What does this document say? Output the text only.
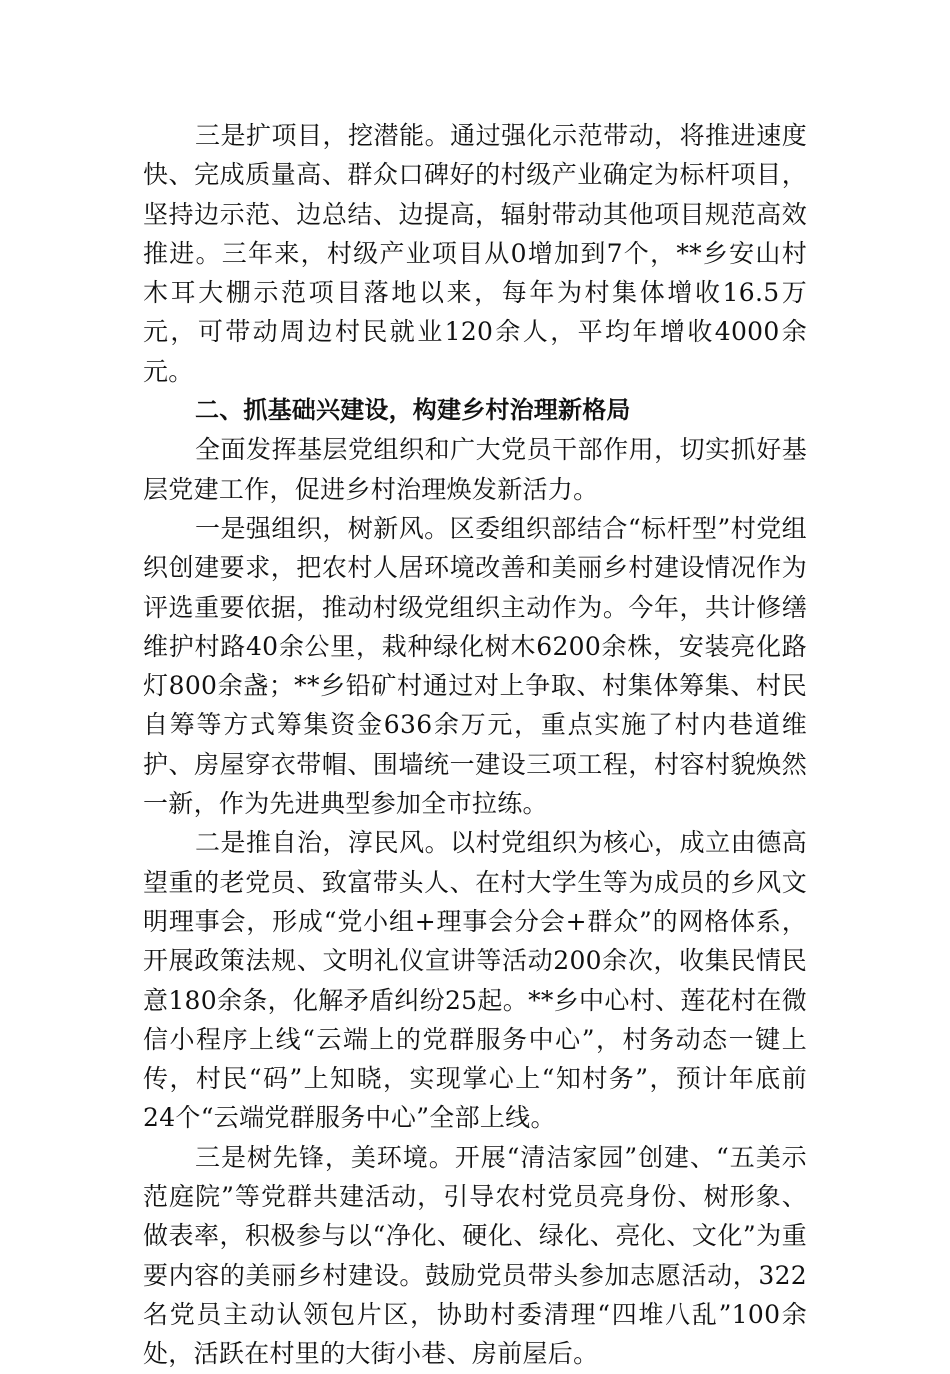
三是扩项目，挖潜能。通过强化示范带动，将推进速度快、完成质量高、群众口碑好的村级产业确定为标杆项目，坚持边示范、边总结、边提高，辐射带动其他项目规范高效推进。三年来，村级产业项目从0增加到7个，**乡安山村木耳大棚示范项目落地以来，每年为村集体增收16.5万元，可带动周边村民就业120余人，平均年增收4000余元。

二、抓基础兴建设，构建乡村治理新格局

全面发挥基层党组织和广大党员干部作用，切实抓好基层党建工作，促进乡村治理焕发新活力。

一是强组织，树新风。区委组织部结合“标杆型”村党组织创建要求，把农村人居环境改善和美丽乡村建设情况作为评选重要依据，推动村级党组织主动作为。今年，共计修缮维护村路40余公里，栽种绿化树木6200余株，安装亮化路灯800余盏；**乡铅矿村通过对上争取、村集体筹集、村民自筹等方式筹集资金636余万元，重点实施了村内巷道维护、房屋穿衣带帽、围墙统一建设三项工程，村容村貌焕然一新，作为先进典型参加全市拉练。

二是推自治，淳民风。以村党组织为核心，成立由德高望重的老党员、致富带头人、在村大学生等为成员的乡风文明理事会，形成“党小组+理事会分会+群众”的网格体系，开展政策法规、文明礼仪宣讲等活动200余次，收集民情民意180余条，化解矛盾纠纷25起。**乡中心村、莲花村在微信小程序上线“云端上的党群服务中心”，村务动态一键上传，村民“码”上知晓，实现掌心上“知村务”，预计年底前24个“云端党群服务中心”全部上线。

三是树先锋，美环境。开展“清洁家园”创建、“五美示范庭院”等党群共建活动，引导农村党员亮身份、树形象、做表率，积极参与以“净化、硬化、绿化、亮化、文化”为重要内容的美丽乡村建设。鼓励党员带头参加志愿活动，322名党员主动认领包片区，协助村委清理“四堆八乱”100余处，活跃在村里的大街小巷、房前屋后。
